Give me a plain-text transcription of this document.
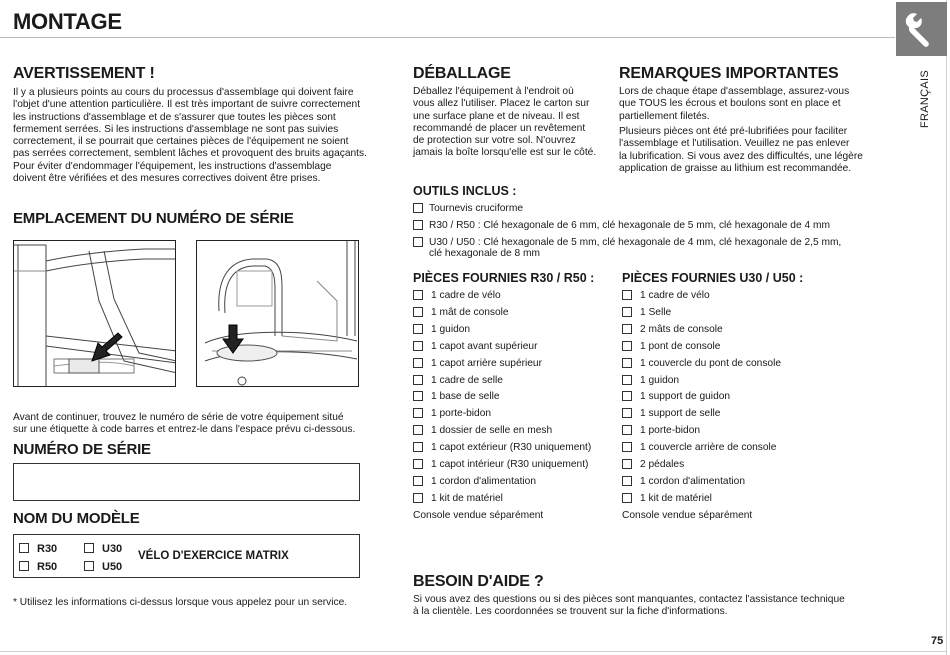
MONTAGE
FRANÇAIS
AVERTISSEMENT !
Il y a plusieurs points au cours du processus d'assemblage qui doivent faire
l'objet d'une attention particulière. Il est très important de suivre correctement
les instructions d'assemblage et de s'assurer que toutes les pièces sont
fermement serrées. Si les instructions d'assemblage ne sont pas suivies
correctement, il se pourrait que certaines pièces de l'équipement ne soient
pas serrées correctement, semblent lâches et provoquent des bruits agaçants.
Pour éviter d'endommager l'équipement, les instructions d'assemblage
doivent être vérifiées et des mesures correctives doivent être prises.
EMPLACEMENT DU NUMÉRO DE SÉRIE
Avant de continuer, trouvez le numéro de série de votre équipement situé
sur une étiquette à code barres et entrez-le dans l'espace prévu ci-dessous.
NUMÉRO DE SÉRIE
NOM DU MODÈLE
R30	U30
R50	U50
VÉLO D'EXERCICE MATRIX
* Utilisez les informations ci-dessus lorsque vous appelez pour un service.
DÉBALLAGE
Déballez l'équipement à l'endroit où
vous allez l'utiliser. Placez le carton sur
une surface plane et de niveau. Il est
recommandé de placer un revêtement
de protection sur votre sol. N'ouvrez
jamais la boîte lorsqu'elle est sur le côté.
REMARQUES IMPORTANTES
Lors de chaque étape d'assemblage, assurez-vous
que TOUS les écrous et boulons sont en place et
partiellement filetés.
Plusieurs pièces ont été pré-lubrifiées pour faciliter
l'assemblage et l'utilisation. Veuillez ne pas enlever
la lubrification. Si vous avez des difficultés, une légère
application de graisse au lithium est recommandée.
OUTILS INCLUS :
Tournevis cruciforme
R30 / R50 : Clé hexagonale de 6 mm, clé hexagonale de 5 mm, clé hexagonale de 4 mm
U30 / U50 : Clé hexagonale de 5 mm, clé hexagonale de 4 mm, clé hexagonale de 2,5 mm,
clé hexagonale de 8 mm
PIÈCES FOURNIES R30 / R50 :
1 cadre de vélo
1 mât de console
1 guidon
1 capot avant supérieur
1 capot arrière supérieur
1 cadre de selle
1 base de selle
1 porte-bidon
1 dossier de selle en mesh
1 capot extérieur (R30 uniquement)
1 capot intérieur (R30 uniquement)
1 cordon d'alimentation
1 kit de matériel
PIÈCES FOURNIES U30 / U50 :
1 cadre de vélo
1 Selle
2 mâts de console
1 pont de console
1 couvercle du pont de console
1 guidon
1 support de guidon
1 support de selle
1 porte-bidon
1 couvercle arrière de console
2 pédales
1 cordon d'alimentation
1 kit de matériel
Console vendue séparément	Console vendue séparément
BESOIN D'AIDE ?
Si vous avez des questions ou si des pièces sont manquantes, contactez l'assistance technique
à la clientèle. Les coordonnées se trouvent sur la fiche d'informations.
75
